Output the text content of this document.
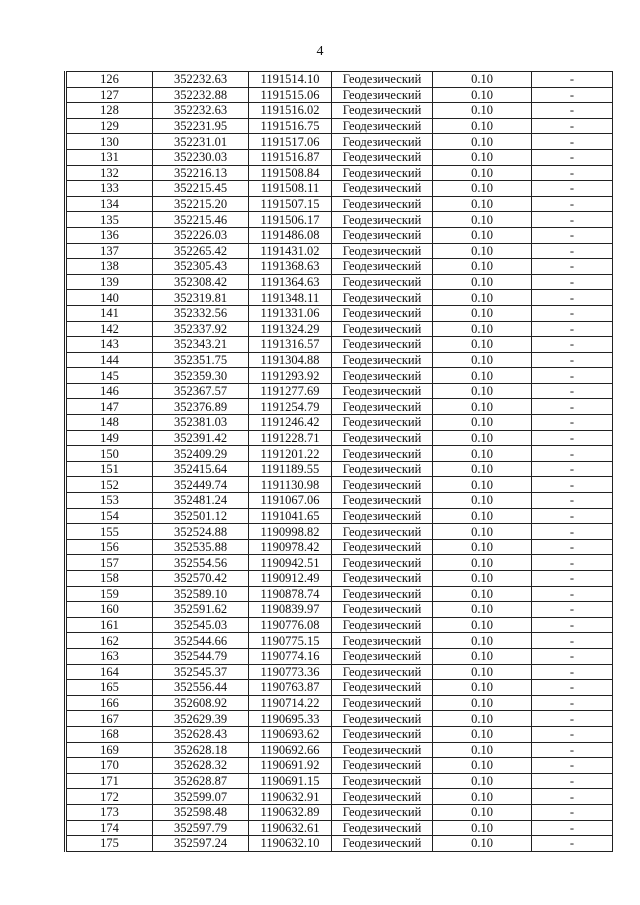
4
126	352232.63	1191514.10	Геодезический	0.10	-
127	352232.88	1191515.06	Геодезический	0.10	-
128	352232.63	1191516.02	Геодезический	0.10	-
129	352231.95	1191516.75	Геодезический	0.10	-
130	352231.01	1191517.06	Геодезический	0.10	-
131	352230.03	1191516.87	Геодезический	0.10	-
132	352216.13	1191508.84	Геодезический	0.10	-
133	352215.45	1191508.11	Геодезический	0.10	-
134	352215.20	1191507.15	Геодезический	0.10	-
135	352215.46	1191506.17	Геодезический	0.10	-
136	352226.03	1191486.08	Геодезический	0.10	-
137	352265.42	1191431.02	Геодезический	0.10	-
138	352305.43	1191368.63	Геодезический	0.10	-
139	352308.42	1191364.63	Геодезический	0.10	-
140	352319.81	1191348.11	Геодезический	0.10	-
141	352332.56	1191331.06	Геодезический	0.10	-
142	352337.92	1191324.29	Геодезический	0.10	-
143	352343.21	1191316.57	Геодезический	0.10	-
144	352351.75	1191304.88	Геодезический	0.10	-
145	352359.30	1191293.92	Геодезический	0.10	-
146	352367.57	1191277.69	Геодезический	0.10	-
147	352376.89	1191254.79	Геодезический	0.10	-
148	352381.03	1191246.42	Геодезический	0.10	-
149	352391.42	1191228.71	Геодезический	0.10	-
150	352409.29	1191201.22	Геодезический	0.10	-
151	352415.64	1191189.55	Геодезический	0.10	-
152	352449.74	1191130.98	Геодезический	0.10	-
153	352481.24	1191067.06	Геодезический	0.10	-
154	352501.12	1191041.65	Геодезический	0.10	-
155	352524.88	1190998.82	Геодезический	0.10	-
156	352535.88	1190978.42	Геодезический	0.10	-
157	352554.56	1190942.51	Геодезический	0.10	-
158	352570.42	1190912.49	Геодезический	0.10	-
159	352589.10	1190878.74	Геодезический	0.10	-
160	352591.62	1190839.97	Геодезический	0.10	-
161	352545.03	1190776.08	Геодезический	0.10	-
162	352544.66	1190775.15	Геодезический	0.10	-
163	352544.79	1190774.16	Геодезический	0.10	-
164	352545.37	1190773.36	Геодезический	0.10	-
165	352556.44	1190763.87	Геодезический	0.10	-
166	352608.92	1190714.22	Геодезический	0.10	-
167	352629.39	1190695.33	Геодезический	0.10	-
168	352628.43	1190693.62	Геодезический	0.10	-
169	352628.18	1190692.66	Геодезический	0.10	-
170	352628.32	1190691.92	Геодезический	0.10	-
171	352628.87	1190691.15	Геодезический	0.10	-
172	352599.07	1190632.91	Геодезический	0.10	-
173	352598.48	1190632.89	Геодезический	0.10	-
174	352597.79	1190632.61	Геодезический	0.10	-
175	352597.24	1190632.10	Геодезический	0.10	-
